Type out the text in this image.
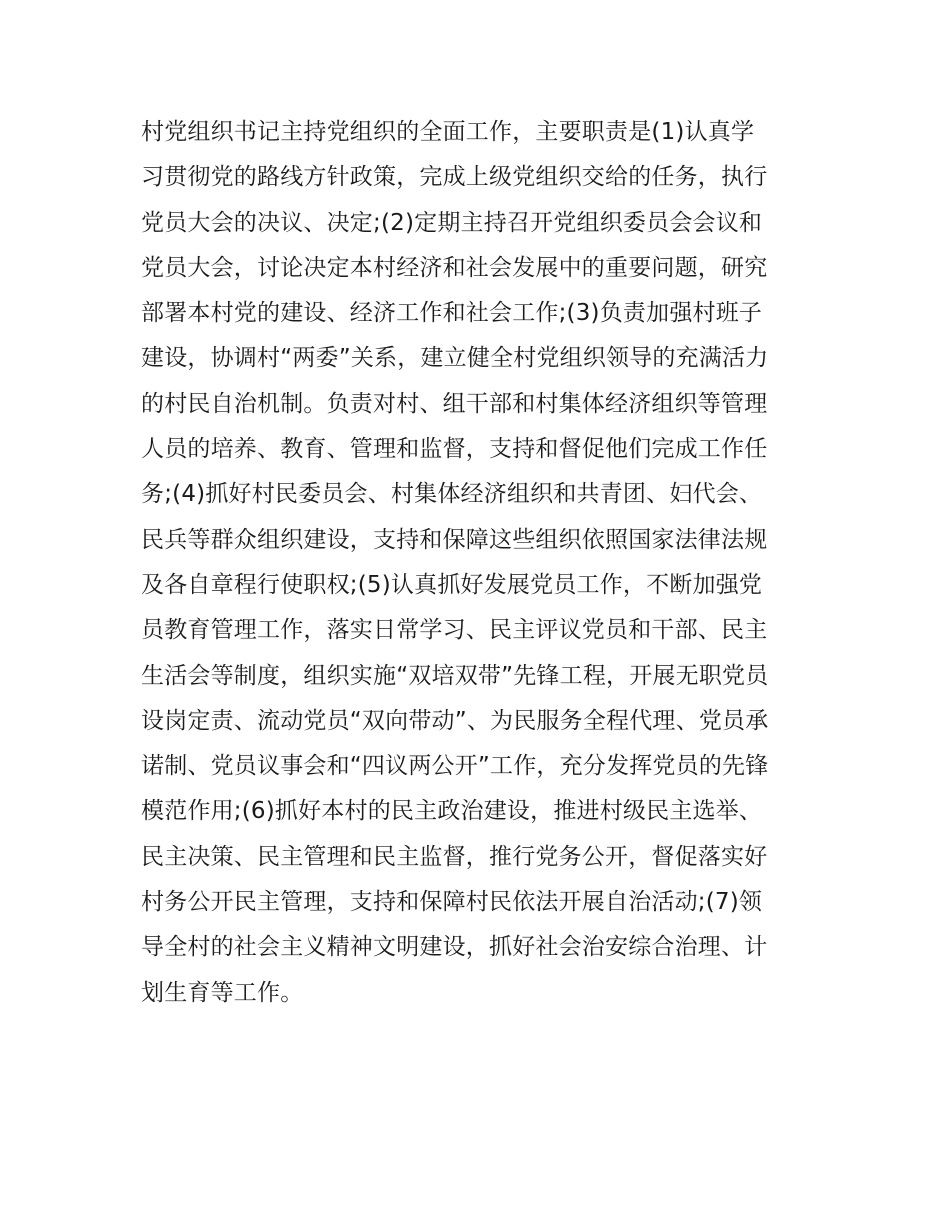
村党组织书记主持党组织的全面工作，主要职责是(1)认真学
习贯彻党的路线方针政策，完成上级党组织交给的任务，执行
党员大会的决议、决定;(2)定期主持召开党组织委员会会议和
党员大会，讨论决定本村经济和社会发展中的重要问题，研究
部署本村党的建设、经济工作和社会工作;(3)负责加强村班子
建设，协调村“两委”关系，建立健全村党组织领导的充满活力
的村民自治机制。负责对村、组干部和村集体经济组织等管理
人员的培养、教育、管理和监督，支持和督促他们完成工作任
务;(4)抓好村民委员会、村集体经济组织和共青团、妇代会、
民兵等群众组织建设，支持和保障这些组织依照国家法律法规
及各自章程行使职权;(5)认真抓好发展党员工作，不断加强党
员教育管理工作，落实日常学习、民主评议党员和干部、民主
生活会等制度，组织实施“双培双带”先锋工程，开展无职党员
设岗定责、流动党员“双向带动”、为民服务全程代理、党员承
诺制、党员议事会和“四议两公开”工作，充分发挥党员的先锋
模范作用;(6)抓好本村的民主政治建设，推进村级民主选举、
民主决策、民主管理和民主监督，推行党务公开，督促落实好
村务公开民主管理，支持和保障村民依法开展自治活动;(7)领
导全村的社会主义精神文明建设，抓好社会治安综合治理、计
划生育等工作。
